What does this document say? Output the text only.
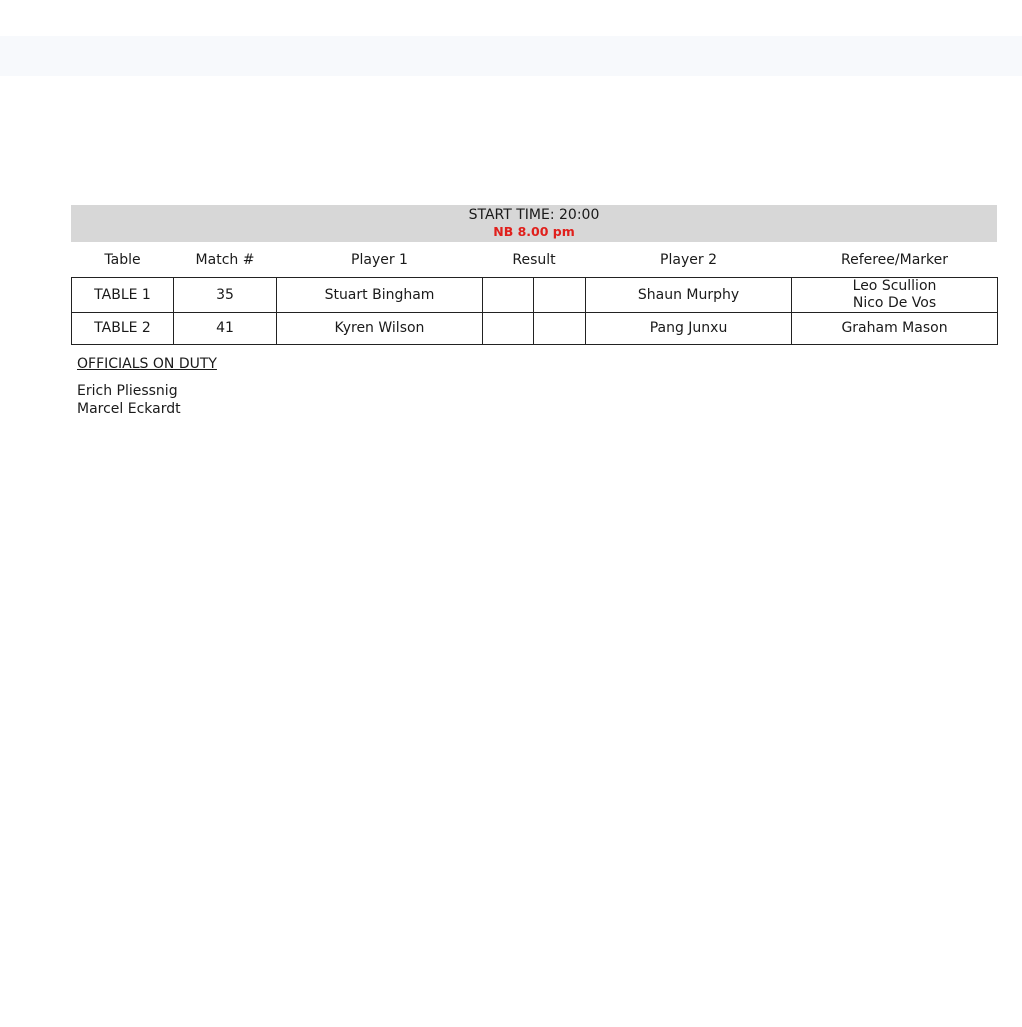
START TIME: 20:00
NB 8.00 pm
Table	Match #	Player 1	Result		Player 2	Referee/Marker
TABLE 1	35	Stuart Bingham			Shaun Murphy	Leo Scullion
Nico De Vos

TABLE 2	41	Kyren Wilson			Pang Junxu	Graham Mason
OFFICIALS ON DUTY
Erich Pliessnig
Marcel Eckardt
